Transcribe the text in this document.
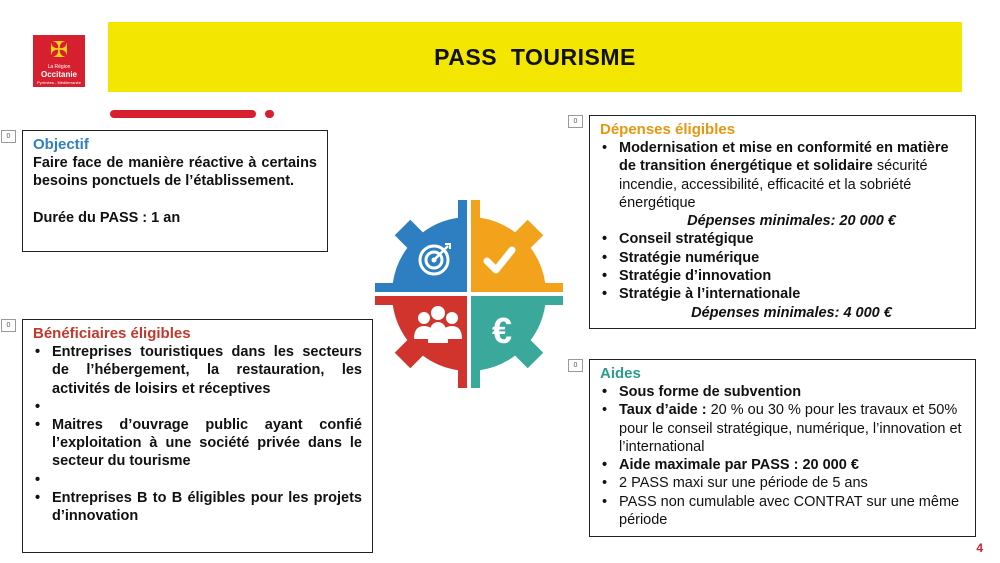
✠
La Région
Occitanie
Pyrénées - Méditerranée
PASS  TOURISME
0
0
0
0
Objectif
Faire face de manière réactive à certains besoins ponctuels de l’établissement.
Durée du PASS : 1 an
Bénéficiaires éligibles
• Entreprises touristiques dans les secteurs de l’hébergement, la restauration, les activités de loisirs et réceptives
•
• Maitres d’ouvrage public ayant confié l’exploitation à une société privée dans le secteur du tourisme
•
• Entreprises B to B éligibles pour les projets d’innovation
€
Dépenses éligibles
• Modernisation et mise en conformité en matière de transition énergétique et solidaire sécurité incendie, accessibilité, efficacité et la sobriété énergétique
Dépenses minimales: 20 000 €
• Conseil stratégique
• Stratégie numérique
• Stratégie d’innovation
• Stratégie à l’internationale
Dépenses minimales: 4 000 €
Aides
• Sous forme de subvention
• Taux d’aide : 20 % ou 30 % pour les travaux et 50% pour le conseil stratégique, numérique, l’innovation et l’international
• Aide maximale par PASS : 20 000 €
• 2 PASS maxi sur une période de 5 ans
• PASS non cumulable avec CONTRAT sur une même période
4
